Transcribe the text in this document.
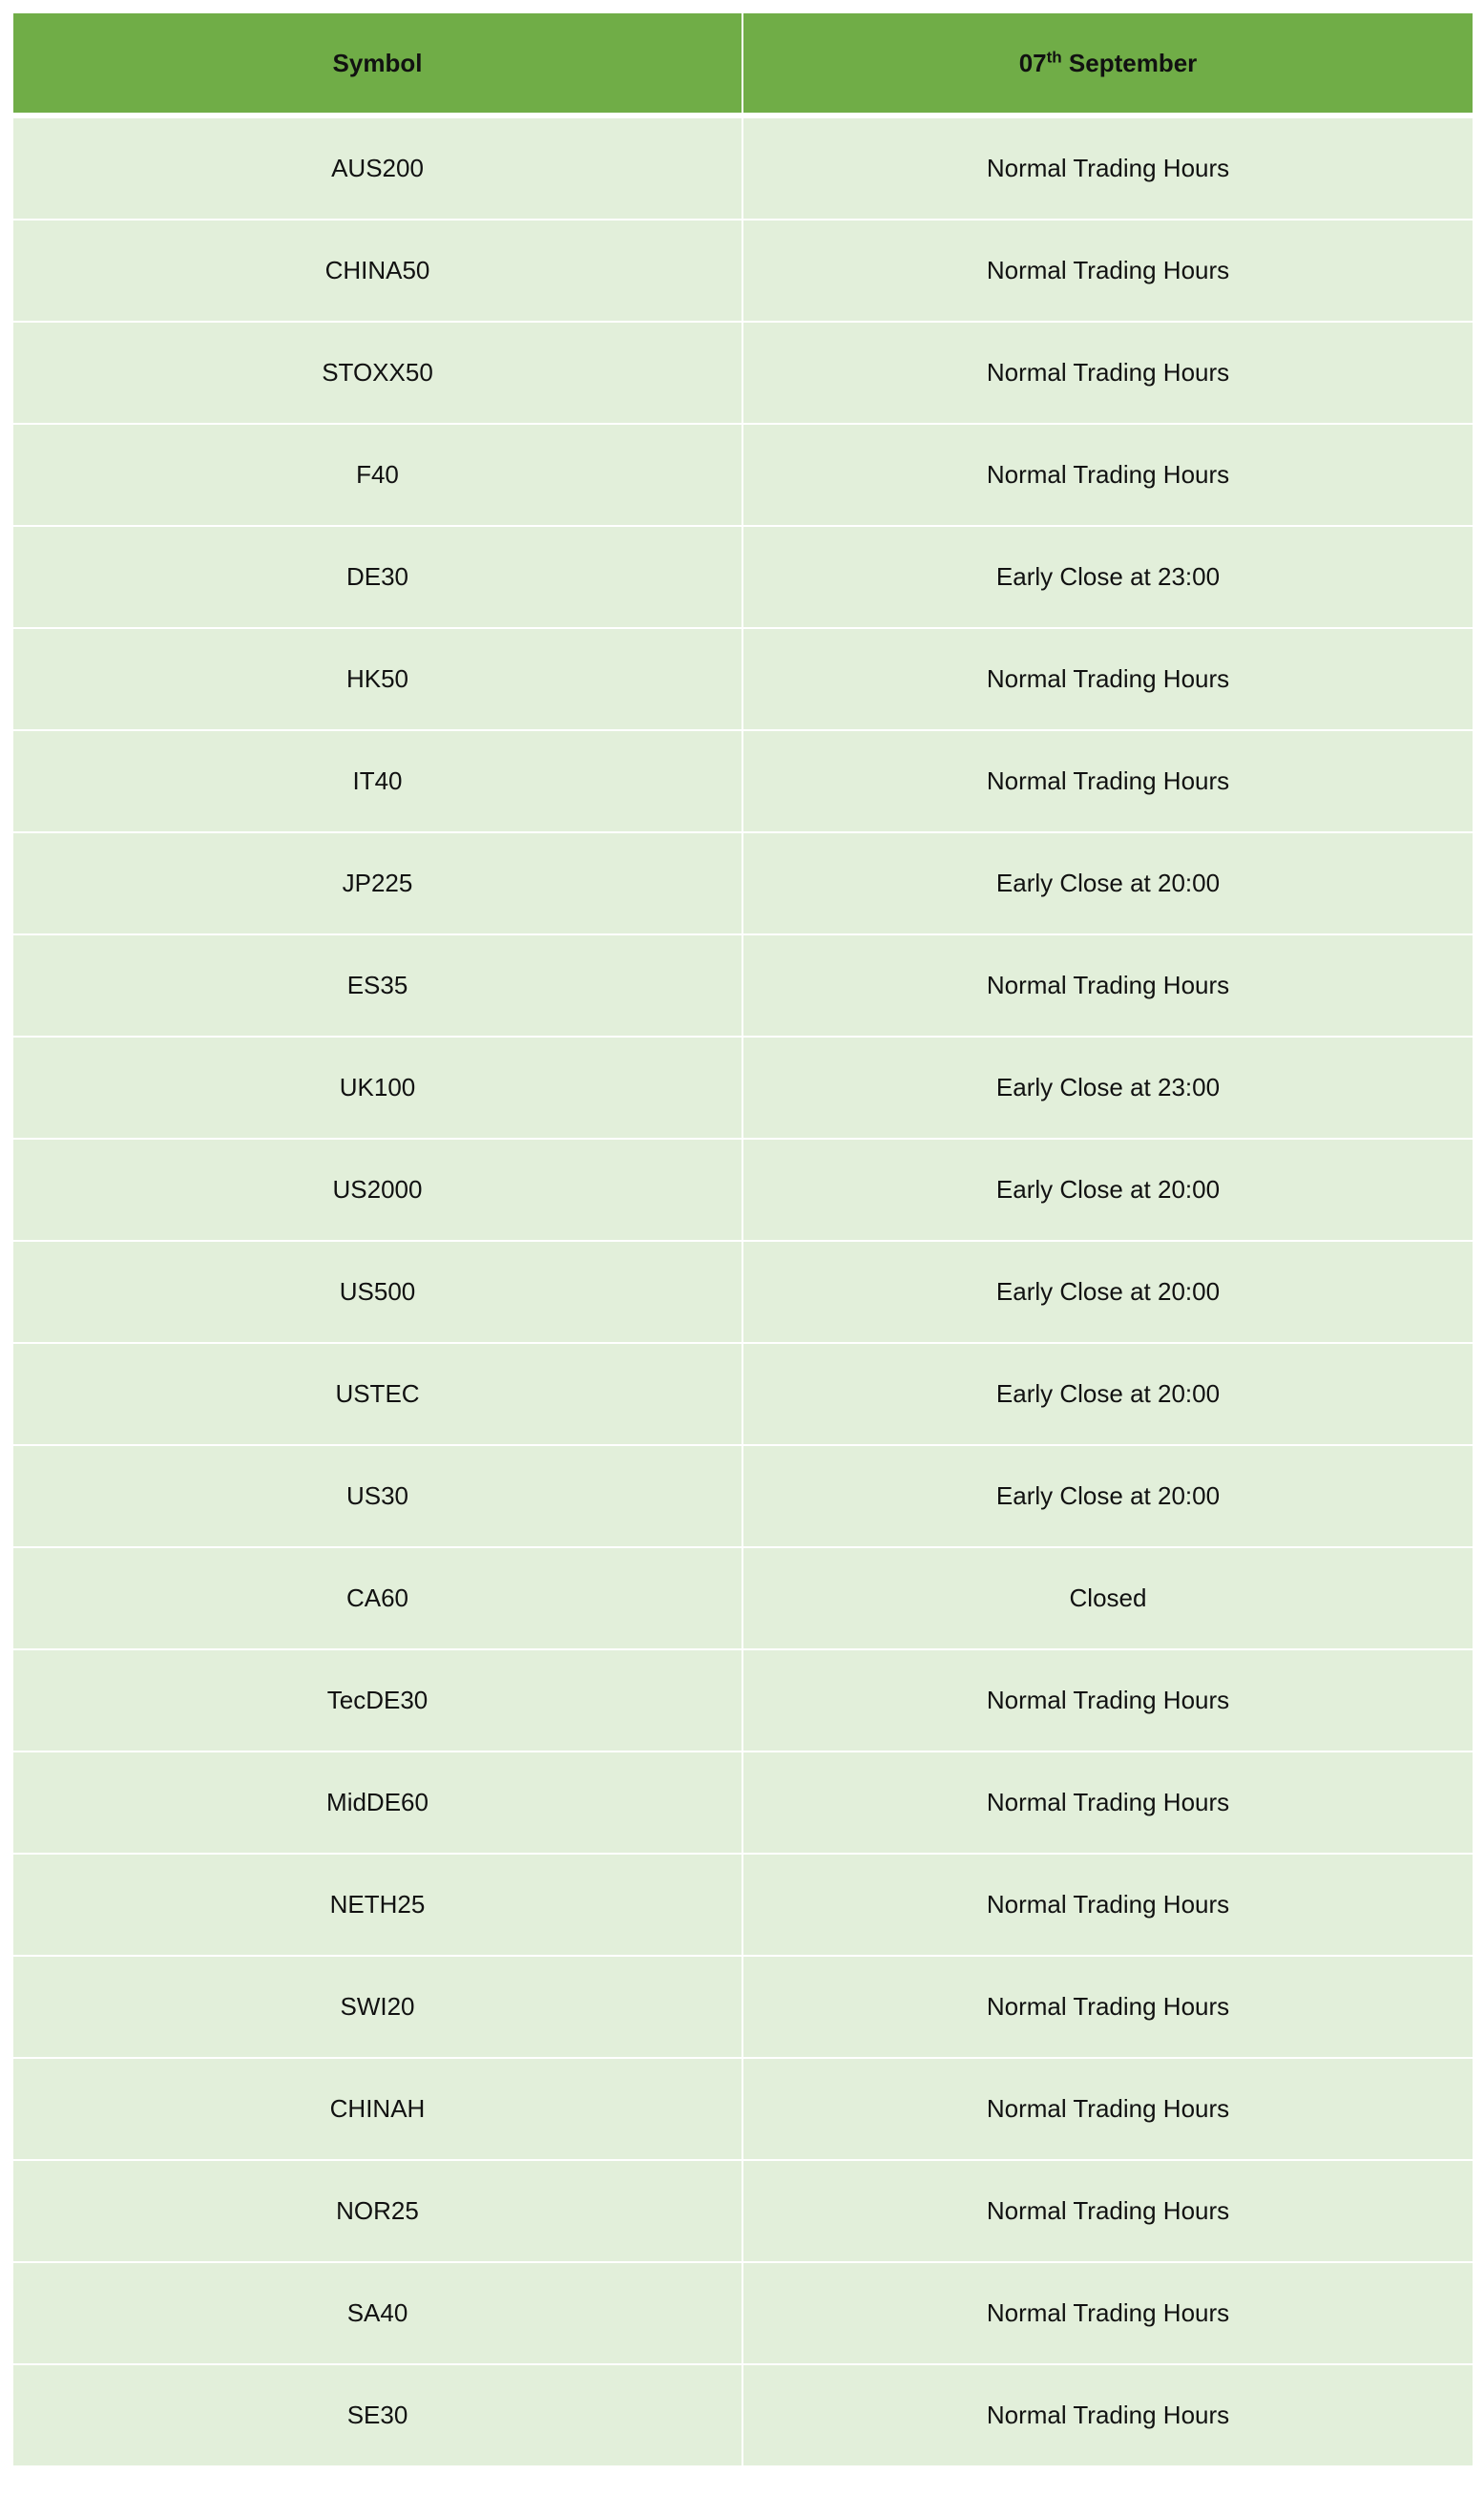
Symbol	07th September
AUS200	Normal Trading Hours
CHINA50	Normal Trading Hours
STOXX50	Normal Trading Hours
F40	Normal Trading Hours
DE30	Early Close at 23:00
HK50	Normal Trading Hours
IT40	Normal Trading Hours
JP225	Early Close at 20:00
ES35	Normal Trading Hours
UK100	Early Close at 23:00
US2000	Early Close at 20:00
US500	Early Close at 20:00
USTEC	Early Close at 20:00
US30	Early Close at 20:00
CA60	Closed
TecDE30	Normal Trading Hours
MidDE60	Normal Trading Hours
NETH25	Normal Trading Hours
SWI20	Normal Trading Hours
CHINAH	Normal Trading Hours
NOR25	Normal Trading Hours
SA40	Normal Trading Hours
SE30	Normal Trading Hours
